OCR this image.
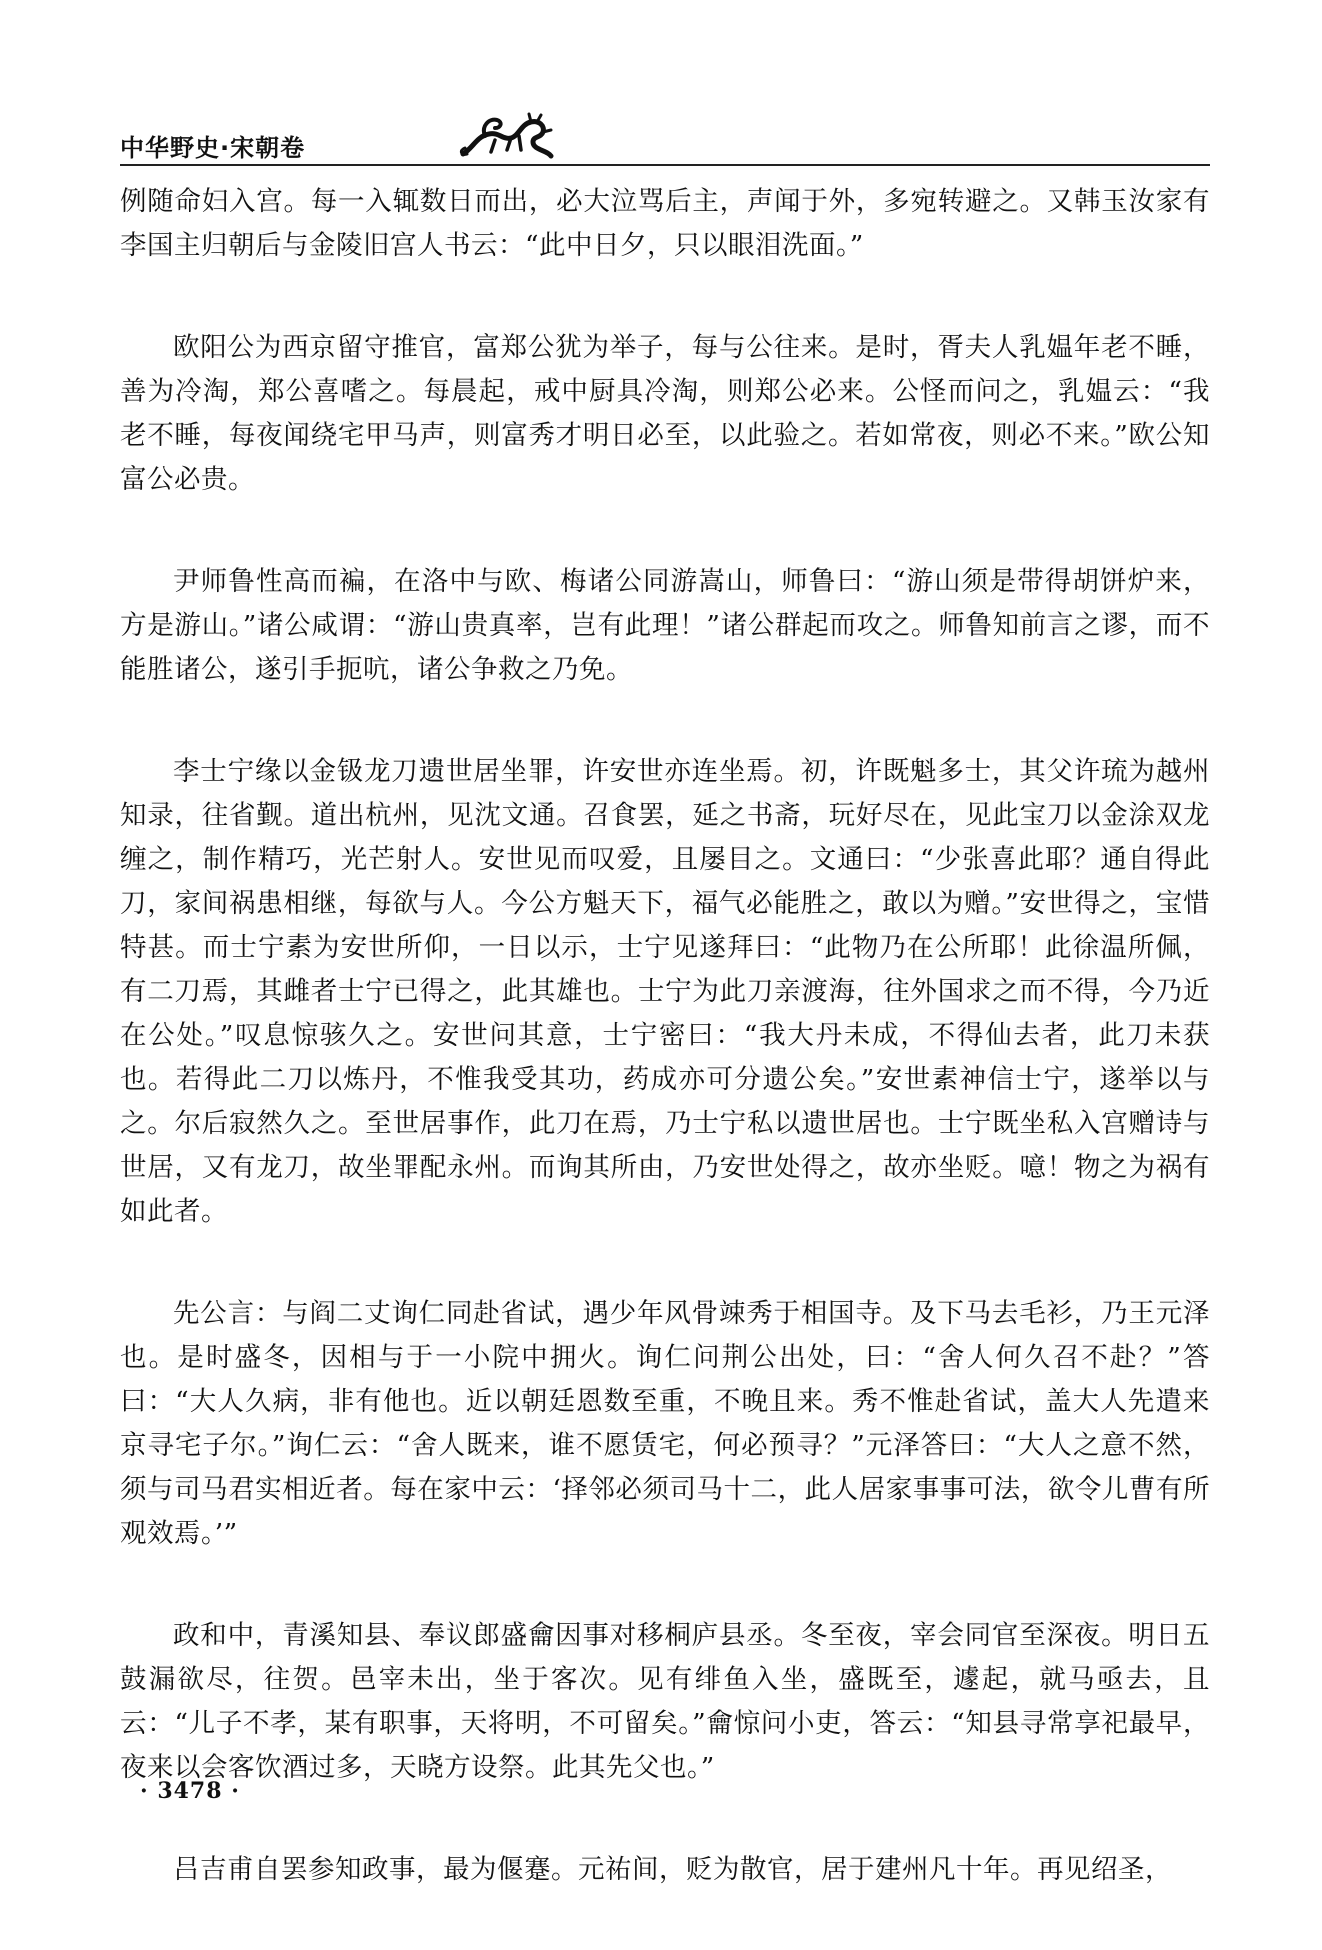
中华野史·宋朝卷

例随命妇入宫。每一入辄数日而出，必大泣骂后主，声闻于外，多宛转避之。又韩玉汝家有李国主归朝后与金陵旧宫人书云：“此中日夕，只以眼泪洗面。”

欧阳公为西京留守推官，富郑公犹为举子，每与公往来。是时，胥夫人乳媪年老不睡，善为冷淘，郑公喜嗜之。每晨起，戒中厨具冷淘，则郑公必来。公怪而问之，乳媪云：“我老不睡，每夜闻绕宅甲马声，则富秀才明日必至，以此验之。若如常夜，则必不来。”欧公知富公必贵。

尹师鲁性高而褊，在洛中与欧、梅诸公同游嵩山，师鲁曰：“游山须是带得胡饼炉来，方是游山。”诸公咸谓：“游山贵真率，岂有此理！”诸公群起而攻之。师鲁知前言之谬，而不能胜诸公，遂引手扼吭，诸公争救之乃免。

李士宁缘以金钑龙刀遗世居坐罪，许安世亦连坐焉。初，许既魁多士，其父许琉为越州知录，往省觐。道出杭州，见沈文通。召食罢，延之书斋，玩好尽在，见此宝刀以金涂双龙缠之，制作精巧，光芒射人。安世见而叹爱，且屡目之。文通曰：“少张喜此耶？通自得此刀，家间祸患相继，每欲与人。今公方魁天下，福气必能胜之，敢以为赠。”安世得之，宝惜特甚。而士宁素为安世所仰，一日以示，士宁见遂拜曰：“此物乃在公所耶！此徐温所佩，有二刀焉，其雌者士宁已得之，此其雄也。士宁为此刀亲渡海，往外国求之而不得，今乃近在公处。”叹息惊骇久之。安世问其意，士宁密曰：“我大丹未成，不得仙去者，此刀未获也。若得此二刀以炼丹，不惟我受其功，药成亦可分遗公矣。”安世素神信士宁，遂举以与之。尔后寂然久之。至世居事作，此刀在焉，乃士宁私以遗世居也。士宁既坐私入宫赠诗与世居，又有龙刀，故坐罪配永州。而询其所由，乃安世处得之，故亦坐贬。噫！物之为祸有如此者。

先公言：与阎二丈询仁同赴省试，遇少年风骨竦秀于相国寺。及下马去毛衫，乃王元泽也。是时盛冬，因相与于一小院中拥火。询仁问荆公出处，曰：“舍人何久召不赴？”答曰：“大人久病，非有他也。近以朝廷恩数至重，不晚且来。秀不惟赴省试，盖大人先遣来京寻宅子尔。”询仁云：“舍人既来，谁不愿赁宅，何必预寻？”元泽答曰：“大人之意不然，须与司马君实相近者。每在家中云：‘择邻必须司马十二，此人居家事事可法，欲令儿曹有所观效焉。’”

政和中，青溪知县、奉议郎盛龠因事对移桐庐县丞。冬至夜，宰会同官至深夜。明日五鼓漏欲尽，往贺。邑宰未出，坐于客次。见有绯鱼入坐，盛既至，遽起，就马亟去，且云：“儿子不孝，某有职事，天将明，不可留矣。”龠惊问小吏，答云：“知县寻常享祀最早，夜来以会客饮酒过多，天晓方设祭。此其先父也。”

吕吉甫自罢参知政事，最为偃蹇。元祐间，贬为散官，居于建州凡十年。再见绍圣，

· 3478 ·
